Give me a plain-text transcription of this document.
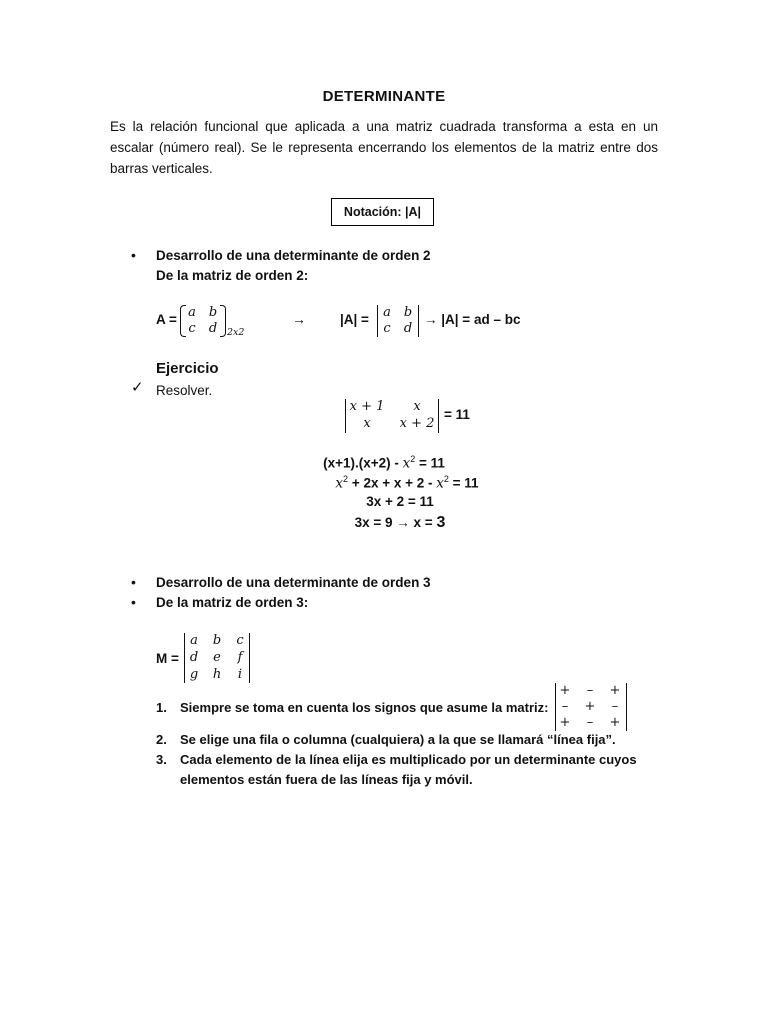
DETERMINANTE

Es la relación funcional que aplicada a una matriz cuadrada transforma a esta en un

escalar (número real). Se le representa encerrando los elementos de la matriz entre dos

barras verticales.

Notación: |A|
• Desarrollo de una determinante de orden 2
De la matriz de orden 2:
A = a b
c d 2x2
→	|A| = a b
c d
→ |A| = ad – bc
Ejercicio
✓ Resolver.
x + 1	x
x	x + 2
= 11
$(x+1).(x+2) - x^2 = 11$
$x^2 + 2x + x + 2 - x^2 = 11$
3x + 2 = 11
3x = 9 → x = 3
• Desarrollo de una determinante de orden 3
• De la matriz de orden 3:
M =
a	b	c
d	e	f
g h	i
1. Siempre se toma en cuenta los signos que asume la matriz:
+	–	+
–	+	–
+	–	+
2. Se elige una fila o columna (cualquiera) a la que se llamará “línea fija”.
3. Cada elemento de la línea elija es multiplicado por un determinante cuyos
elementos están fuera de las líneas fija y móvil.
